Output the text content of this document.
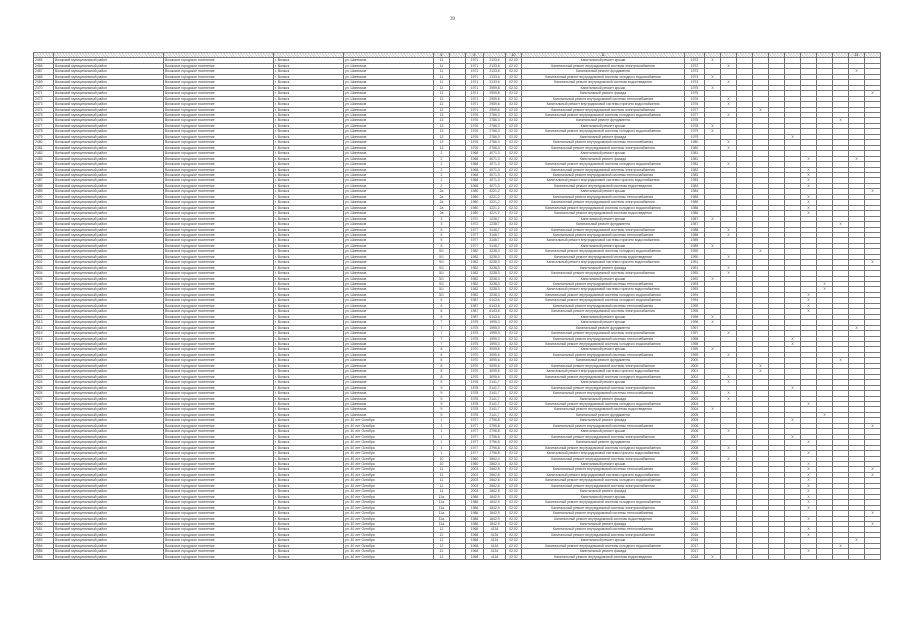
39
					6		8		10	11											21	
2465	Волжский муниципальный район	Волжское городское поселение	г. Волжск	ул. Шинников	11		1971	2133,6	02.02	Капитальный ремонт крыши	1972	X										
2466	Волжский муниципальный район	Волжское городское поселение	г. Волжск	ул. Шинников	11		1971	2133,6	02.02	Капитальный ремонт внутридомовой системы электроснабжения	1972		X									
2467	Волжский муниципальный район	Волжское городское поселение	г. Волжск	ул. Шинников	11		1971	2133,6	02.02	Капитальный ремонт фундамента	1973										X	
2468	Волжский муниципальный район	Волжское городское поселение	г. Волжск	ул. Шинников	11		1971	2133,6	02.02	Капитальный ремонт внутридомовой системы холодного водоснабжения	1974	X										
2469	Волжский муниципальный район	Волжское городское поселение	г. Волжск	ул. Шинников	11		1971	2133,6	02.02	Капитальный ремонт внутридомовой системы водоотведения	1974		X									
2470	Волжский муниципальный район	Волжское городское поселение	г. Волжск	ул. Шинников	12		1971	2959,8	02.02	Капитальный ремонт крыши	1975	X										
2471	Волжский муниципальный район	Волжское городское поселение	г. Волжск	ул. Шинников	12		1971	2959,8	02.02	Капитальный ремонт фасада	1975											X
2472	Волжский муниципальный район	Волжское городское поселение	г. Волжск	ул. Шинников	12		1971	2959,8	02.02	Капитальный ремонт внутридомовой системы теплоснабжения	1976		X									
2473	Волжский муниципальный район	Волжское городское поселение	г. Волжск	ул. Шинников	12		1971	2959,8	02.02	Капитальный ремонт внутридомовой системы горячего водоснабжения	1976		X									
2474	Волжский муниципальный район	Волжское городское поселение	г. Волжск	ул. Шинников	12		1971	2959,8	02.02	Капитальный ремонт внутридомовой системы электроснабжения	1977				X							
2475	Волжский муниципальный район	Волжское городское поселение	г. Волжск	ул. Шинников	13		1976	2786,3	02.02	Капитальный ремонт внутридомовой системы холодного водоснабжения	1977		X									
2476	Волжский муниципальный район	Волжское городское поселение	г. Волжск	ул. Шинников	13		1976	2786,3	02.02	Капитальный ремонт фундамента	1978									X		
2477	Волжский муниципальный район	Волжское городское поселение	г. Волжск	ул. Шинников	13		1976	2786,3	02.02	Капитальный ремонт крыши	1978	X										
2478	Волжский муниципальный район	Волжское городское поселение	г. Волжск	ул. Шинников	13		1976	2786,3	02.02	Капитальный ремонт внутридомовой системы холодного водоснабжения	1979	X										
2479	Волжский муниципальный район	Волжское городское поселение	г. Волжск	ул. Шинников	13		1976	2786,3	02.02	Капитальный ремонт фасада	1979						X					
2480	Волжский муниципальный район	Волжское городское поселение	г. Волжск	ул. Шинников	13		1976	2786,3	02.02	Капитальный ремонт внутридомовой системы теплоснабжения	1980		X									
2481	Волжский муниципальный район	Волжское городское поселение	г. Волжск	ул. Шинников	13		1976	2786,3	02.02	Капитальный ремонт внутридомовой системы электроснабжения	1980		X									
2482	Волжский муниципальный район	Волжское городское поселение	г. Волжск	ул. Шинников	2		1968	4071,3	02.02	Капитальный ремонт крыши	1981											
2483	Волжский муниципальный район	Волжское городское поселение	г. Волжск	ул. Шинников	2		1968	4071,3	02.02	Капитальный ремонт фасада	1981							X			X	
2484	Волжский муниципальный район	Волжское городское поселение	г. Волжск	ул. Шинников	2		1968	4071,3	02.02	Капитальный ремонт внутридомовой системы холодного водоснабжения	1982		X									
2485	Волжский муниципальный район	Волжское городское поселение	г. Волжск	ул. Шинников	2		1968	4071,3	02.02	Капитальный ремонт внутридомовой системы электроснабжения	1982							X				
2486	Волжский муниципальный район	Волжское городское поселение	г. Волжск	ул. Шинников	2		1968	4071,3	02.02	Капитальный ремонт внутридомовой системы теплоснабжения	1983							X				
2487	Волжский муниципальный район	Волжское городское поселение	г. Волжск	ул. Шинников	2		1968	4071,3	02.02	Капитальный ремонт внутридомовой системы горячего водоснабжения	1983							X				
2488	Волжский муниципальный район	Волжское городское поселение	г. Волжск	ул. Шинников	2		1968	4071,3	02.02	Капитальный ремонт внутридомовой системы водоотведения	1984							X				
2489	Волжский муниципальный район	Волжское городское поселение	г. Волжск	ул. Шинников	2а		1980	4221,2	02.02	Капитальный ремонт крыши	1984											X
2490	Волжский муниципальный район	Волжское городское поселение	г. Волжск	ул. Шинников	2а		1980	4221,2	02.02	Капитальный ремонт внутридомовой системы теплоснабжения	1985							X				
2491	Волжский муниципальный район	Волжское городское поселение	г. Волжск	ул. Шинников	2а		1980	4221,2	02.02	Капитальный ремонт внутридомовой системы электроснабжения	1985							X				
2492	Волжский муниципальный район	Волжское городское поселение	г. Волжск	ул. Шинников	2а		1980	4221,2	02.02	Капитальный ремонт внутридомовой системы холодного водоснабжения	1986							X				
2493	Волжский муниципальный район	Волжское городское поселение	г. Волжск	ул. Шинников	2а		1980	4221,2	02.02	Капитальный ремонт внутридомовой системы водоотведения	1986							X				
2494	Волжский муниципальный район	Волжское городское поселение	г. Волжск	ул. Шинников	3		1972	1238,7	02.02	Капитальный ремонт крыши	1987	X										
2495	Волжский муниципальный район	Волжское городское поселение	г. Волжск	ул. Шинников	3		1972	1238,7	02.02	Капитальный ремонт фундамента	1987									X		
2496	Волжский муниципальный район	Волжское городское поселение	г. Волжск	ул. Шинников	5		1977	3146,7	02.02	Капитальный ремонт внутридомовой системы электроснабжения	1988		X									
2497	Волжский муниципальный район	Волжское городское поселение	г. Волжск	ул. Шинников	5		1977	3146,7	02.02	Капитальный ремонт внутридомовой системы теплоснабжения	1988		X									
2498	Волжский муниципальный район	Волжское городское поселение	г. Волжск	ул. Шинников	5		1977	3146,7	02.02	Капитальный ремонт внутридомовой системы горячего водоснабжения	1989											
2499	Волжский муниципальный район	Волжское городское поселение	г. Волжск	ул. Шинников	5		1977	3146,7	02.02	Капитальный ремонт крыши	1989	X										
2500	Волжский муниципальный район	Волжское городское поселение	г. Волжск	ул. Шинников	5/1		1982	3238,3	02.02	Капитальный ремонт внутридомовой системы холодного водоснабжения	1990				X							
2501	Волжский муниципальный район	Волжское городское поселение	г. Волжск	ул. Шинников	5/1		1982	3238,3	02.02	Капитальный ремонт внутридомовой системы водоотведения	1990		X									
2502	Волжский муниципальный район	Волжское городское поселение	г. Волжск	ул. Шинников	5/1		1982	3238,3	02.02	Капитальный ремонт внутридомовой системы горячего водоснабжения	1991											X
2503	Волжский муниципальный район	Волжское городское поселение	г. Волжск	ул. Шинников	5/1		1982	3238,3	02.02	Капитальный ремонт фасада	1991		X									
2504	Волжский муниципальный район	Волжское городское поселение	г. Волжск	ул. Шинников	5/1		1982	3238,3	02.02	Капитальный ремонт внутридомовой системы электроснабжения	1992		X									
2505	Волжский муниципальный район	Волжское городское поселение	г. Волжск	ул. Шинников	5/1		1982	3238,3	02.02	Капитальный ремонт крыши	1992	X										
2506	Волжский муниципальный район	Волжское городское поселение	г. Волжск	ул. Шинников	5/1		1982	3238,3	02.02	Капитальный ремонт внутридомовой системы теплоснабжения	1993								X			
2507	Волжский муниципальный район	Волжское городское поселение	г. Волжск	ул. Шинников	5/1		1982	3238,3	02.02	Капитальный ремонт внутридомовой системы горячего водоснабжения	1993								X			
2508	Волжский муниципальный район	Волжское городское поселение	г. Волжск	ул. Шинников	5/1		1982	3238,3	02.02	Капитальный ремонт внутридомовой системы холодного водоснабжения	1994							X				
2509	Волжский муниципальный район	Волжское городское поселение	г. Волжск	ул. Шинников	6		1987	6143,6	02.02	Капитальный ремонт внутридомовой системы холодного водоснабжения	1994							X				
2510	Волжский муниципальный район	Волжское городское поселение	г. Волжск	ул. Шинников	6		1987	6143,6	02.02	Капитальный ремонт внутридомовой системы теплоснабжения	1995							X				
2511	Волжский муниципальный район	Волжское городское поселение	г. Волжск	ул. Шинников	6		1987	6143,6	02.02	Капитальный ремонт внутридомовой системы электроснабжения	1995							X				
2512	Волжский муниципальный район	Волжское городское поселение	г. Волжск	ул. Шинников	6		1987	6143,6	02.02	Капитальный ремонт крыши	1996	X										
2513	Волжский муниципальный район	Волжское городское поселение	г. Волжск	ул. Шинников	7		1975	1995,3	02.02	Капитальный ремонт крыши	1996	X										
2514	Волжский муниципальный район	Волжское городское поселение	г. Волжск	ул. Шинников	7		1975	1995,3	02.02	Капитальный ремонт фундамента	1997										X	
2515	Волжский муниципальный район	Волжское городское поселение	г. Волжск	ул. Шинников	7		1975	1995,3	02.02	Капитальный ремонт внутридомовой системы электроснабжения	1997		X									
2516	Волжский муниципальный район	Волжское городское поселение	г. Волжск	ул. Шинников	7		1975	1995,3	02.02	Капитальный ремонт внутридомовой системы теплоснабжения	1998						X					
2517	Волжский муниципальный район	Волжское городское поселение	г. Волжск	ул. Шинников	7		1975	1995,3	02.02	Капитальный ремонт внутридомовой системы холодного водоснабжения	1998						X					
2518	Волжский муниципальный район	Волжское городское поселение	г. Волжск	ул. Шинников	8		1970	3095,6	02.02	Капитальный ремонт крыши	1999	X										
2519	Волжский муниципальный район	Волжское городское поселение	г. Волжск	ул. Шинников	8		1970	3095,6	02.02	Капитальный ремонт внутридомовой системы теплоснабжения	1999		X									
2520	Волжский муниципальный район	Волжское городское поселение	г. Волжск	ул. Шинников	8		1970	3095,6	02.02	Капитальный ремонт фундамента	2000									X		
2521	Волжский муниципальный район	Волжское городское поселение	г. Волжск	ул. Шинников	8		1970	3095,6	02.02	Капитальный ремонт внутридомовой системы электроснабжения	2000				X							
2522	Волжский муниципальный район	Волжское городское поселение	г. Волжск	ул. Шинников	8		1970	3095,6	02.02	Капитальный ремонт внутридомовой системы горячего водоснабжения	2001				X							
2523	Волжский муниципальный район	Волжское городское поселение	г. Волжск	ул. Шинников	8		1970	3095,6	02.02	Капитальный ремонт внутридомовой системы холодного водоснабжения	2001		X									
2524	Волжский муниципальный район	Волжское городское поселение	г. Волжск	ул. Шинников	9		1978	2141,7	02.02	Капитальный ремонт крыши	2002		X									
2525	Волжский муниципальный район	Волжское городское поселение	г. Волжск	ул. Шинников	9		1978	2141,7	02.02	Капитальный ремонт внутридомовой системы электроснабжения	2002						X					
2526	Волжский муниципальный район	Волжское городское поселение	г. Волжск	ул. Шинников	9		1978	2141,7	02.02	Капитальный ремонт внутридомовой системы теплоснабжения	2003		X									
2527	Волжский муниципальный район	Волжское городское поселение	г. Волжск	ул. Шинников	9		1978	2141,7	02.02	Капитальный ремонт фасада	2003		X									
2528	Волжский муниципальный район	Волжское городское поселение	г. Волжск	ул. Шинников	9		1978	2141,7	02.02	Капитальный ремонт внутридомовой системы холодного водоснабжения	2004							X				
2529	Волжский муниципальный район	Волжское городское поселение	г. Волжск	ул. Шинников	9		1978	2141,7	02.02	Капитальный ремонт внутридомовой системы водоотведения	2004	X										
2530	Волжский муниципальный район	Волжское городское поселение	г. Волжск	ул. Шинников	9		1978	2141,7	02.02	Капитальный ремонт фундамента	2005								X			
2531	Волжский муниципальный район	Волжское городское поселение	г. Волжск	ул. 40 лет Октября	1		1977	2796,8	02.02	Капитальный ремонт фасада	2005						X					
2532	Волжский муниципальный район	Волжское городское поселение	г. Волжск	ул. 40 лет Октября	1		1977	2796,8	02.02	Капитальный ремонт внутридомовой системы теплоснабжения	2006											X
2533	Волжский муниципальный район	Волжское городское поселение	г. Волжск	ул. 40 лет Октября	1		1977	2796,8	02.02	Капитальный ремонт крыши	2006		X									
2534	Волжский муниципальный район	Волжское городское поселение	г. Волжск	ул. 40 лет Октября	1		1977	2796,8	02.02	Капитальный ремонт внутридомовой системы электроснабжения	2007						X					
2535	Волжский муниципальный район	Волжское городское поселение	г. Волжск	ул. 40 лет Октября	1		1977	2796,8	02.02	Капитальный ремонт фундамента	2007							X				
2536	Волжский муниципальный район	Волжское городское поселение	г. Волжск	ул. 40 лет Октября	1		1977	2796,8	02.02	Капитальный ремонт внутридомовой системы холодного водоснабжения	2008		X									
2537	Волжский муниципальный район	Волжское городское поселение	г. Волжск	ул. 40 лет Октября	1		1977	2796,8	02.02	Капитальный ремонт внутридомовой системы горячего водоснабжения	2008							X				
2538	Волжский муниципальный район	Волжское городское поселение	г. Волжск	ул. 40 лет Октября	10		1960	2862,4	02.02	Капитальный ремонт внутридомовой системы электроснабжения	2009		X									
2539	Волжский муниципальный район	Волжское городское поселение	г. Волжск	ул. 40 лет Октября	10		1960	2862,4	02.02	Капитальный ремонт крыши	2009							X				
2540	Волжский муниципальный район	Волжское городское поселение	г. Волжск	ул. 40 лет Октября	11		2003	2662,8	02.02	Капитальный ремонт внутридомовой системы теплоснабжения	2010							X				X
2541	Волжский муниципальный район	Волжское городское поселение	г. Волжск	ул. 40 лет Октября	11		2003	2662,8	02.02	Капитальный ремонт внутридомовой системы горячего водоснабжения	2010							X				X
2542	Волжский муниципальный район	Волжское городское поселение	г. Волжск	ул. 40 лет Октября	11		2003	2662,8	02.02	Капитальный ремонт внутридомовой системы холодного водоснабжения	2011							X				
2543	Волжский муниципальный район	Волжское городское поселение	г. Волжск	ул. 40 лет Октября	11		2003	2662,8	02.02	Капитальный ремонт внутридомовой системы электроснабжения	2011							X				
2544	Волжский муниципальный район	Волжское городское поселение	г. Волжск	ул. 40 лет Октября	11		2003	2662,8	02.02	Капитальный ремонт фасада	2012							X				
2545	Волжский муниципальный район	Волжское городское поселение	г. Волжск	ул. 40 лет Октября	11а		1986	1842,9	02.02	Капитальный ремонт крыши	2012							X				
2546	Волжский муниципальный район	Волжское городское поселение	г. Волжск	ул. 40 лет Октября	11а		1986	1842,9	02.02	Капитальный ремонт внутридомовой системы холодного водоснабжения	2013							X				
2547	Волжский муниципальный район	Волжское городское поселение	г. Волжск	ул. 40 лет Октября	11а		1986	1842,9	02.02	Капитальный ремонт внутридомовой системы электроснабжения	2013							X				
2548	Волжский муниципальный район	Волжское городское поселение	г. Волжск	ул. 40 лет Октября	11а		1986	1842,9	02.02	Капитальный ремонт внутридомовой системы теплоснабжения	2014											X
2549	Волжский муниципальный район	Волжское городское поселение	г. Волжск	ул. 40 лет Октября	11а		1986	1842,9	02.02	Капитальный ремонт внутридомовой системы водоотведения	2014							X				
2550	Волжский муниципальный район	Волжское городское поселение	г. Волжск	ул. 40 лет Октября	11а		1986	1842,9	02.02	Капитальный ремонт фасада	2015											X
2551	Волжский муниципальный район	Волжское городское поселение	г. Волжск	ул. 40 лет Октября	12		1968	4134	02.02	Капитальный ремонт внутридомовой системы теплоснабжения	2015							X				
2552	Волжский муниципальный район	Волжское городское поселение	г. Волжск	ул. 40 лет Октября	12		1968	4134	02.02	Капитальный ремонт внутридомовой системы электроснабжения	2016							X				
2553	Волжский муниципальный район	Волжское городское поселение	г. Волжск	ул. 40 лет Октября	12		1968	4134	02.02	Капитальный ремонт крыши	2016										X	
2554	Волжский муниципальный район	Волжское городское поселение	г. Волжск	ул. 40 лет Октября	12		1968	4134	02.02	Капитальный ремонт внутридомовой системы холодного водоснабжения	2017									X		
2555	Волжский муниципальный район	Волжское городское поселение	г. Волжск	ул. 40 лет Октября	12		1968	4134	02.02	Капитальный ремонт фасада	2017							X				
2556	Волжский муниципальный район	Волжское городское поселение	г. Волжск	ул. 40 лет Октября	12		1968	4134	02.02	Капитальный ремонт внутридомовой системы водоотведения	2018	X										
